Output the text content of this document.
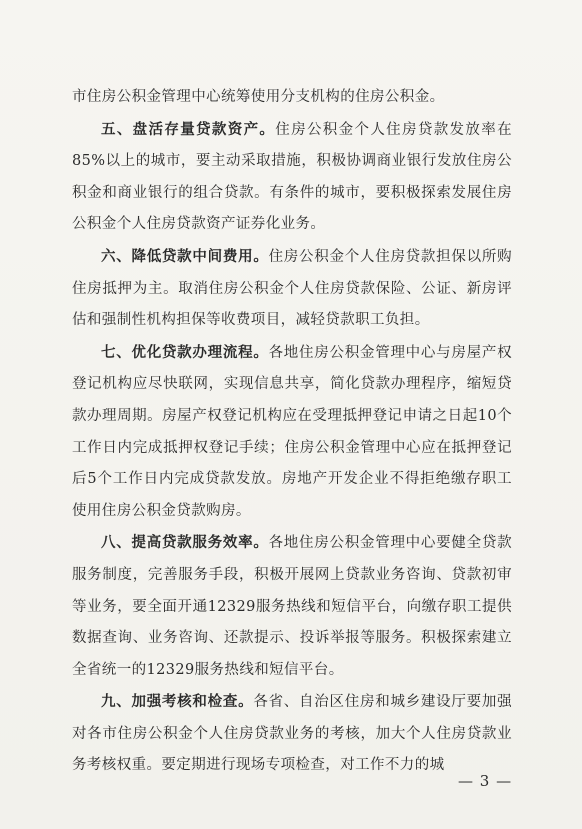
市住房公积金管理中心统筹使用分支机构的住房公积金。

五、盘活存量贷款资产。住房公积金个人住房贷款发放率在85%以上的城市，要主动采取措施，积极协调商业银行发放住房公积金和商业银行的组合贷款。有条件的城市，要积极探索发展住房公积金个人住房贷款资产证券化业务。

六、降低贷款中间费用。住房公积金个人住房贷款担保以所购住房抵押为主。取消住房公积金个人住房贷款保险、公证、新房评估和强制性机构担保等收费项目，减轻贷款职工负担。

七、优化贷款办理流程。各地住房公积金管理中心与房屋产权登记机构应尽快联网，实现信息共享，简化贷款办理程序，缩短贷款办理周期。房屋产权登记机构应在受理抵押登记申请之日起10个工作日内完成抵押权登记手续；住房公积金管理中心应在抵押登记后5个工作日内完成贷款发放。房地产开发企业不得拒绝缴存职工使用住房公积金贷款购房。

八、提高贷款服务效率。各地住房公积金管理中心要健全贷款服务制度，完善服务手段，积极开展网上贷款业务咨询、贷款初审等业务，要全面开通12329服务热线和短信平台，向缴存职工提供数据查询、业务咨询、还款提示、投诉举报等服务。积极探索建立全省统一的12329服务热线和短信平台。

九、加强考核和检查。各省、自治区住房和城乡建设厅要加强对各市住房公积金个人住房贷款业务的考核，加大个人住房贷款业务考核权重。要定期进行现场专项检查，对工作不力的城

— 3 —
